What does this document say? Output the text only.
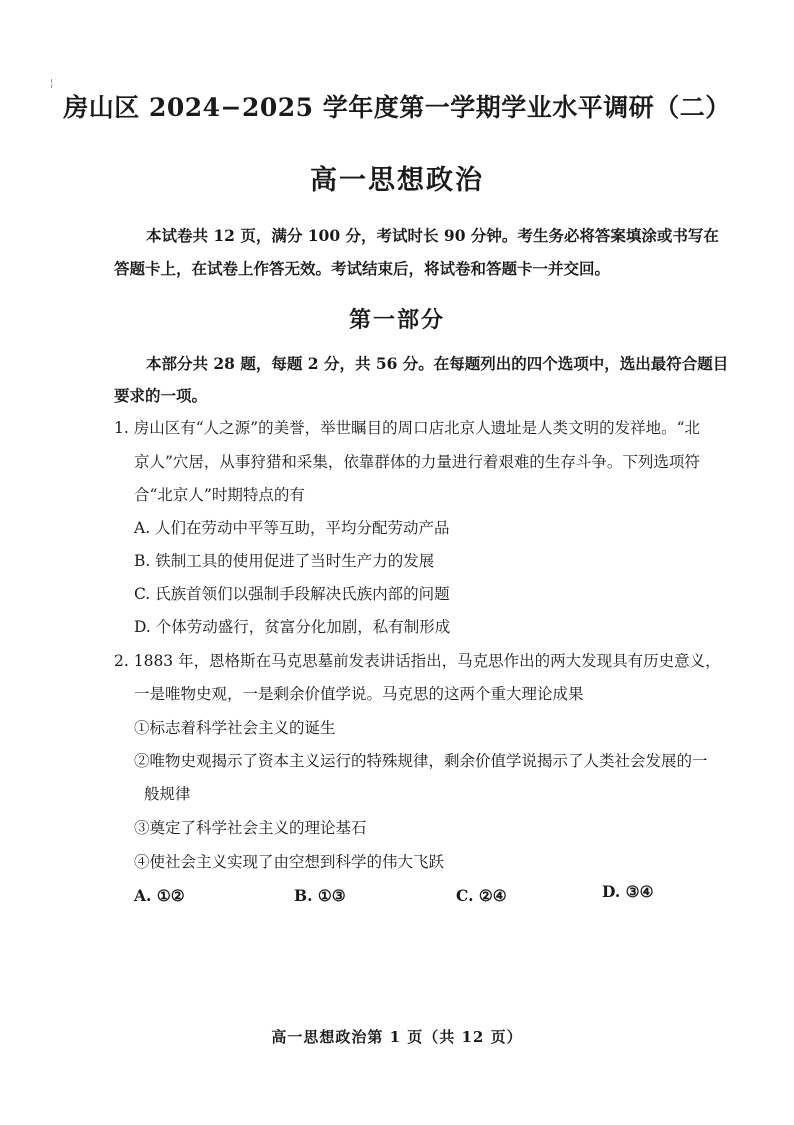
¦
房山区 2024−2025 学年度第一学期学业水平调研（二）
高一思想政治
本试卷共 12 页，满分 100 分，考试时长 90 分钟。考生务必将答案填涂或书写在答题卡上，在试卷上作答无效。考试结束后，将试卷和答题卡一并交回。
第一部分
本部分共 28 题，每题 2 分，共 56 分。在每题列出的四个选项中，选出最符合题目要求的一项。
1. 房山区有“人之源”的美誉，举世瞩目的周口店北京人遗址是人类文明的发祥地。“北
京人”穴居，从事狩猎和采集，依靠群体的力量进行着艰难的生存斗争。下列选项符
合“北京人”时期特点的有
A. 人们在劳动中平等互助，平均分配劳动产品
B. 铁制工具的使用促进了当时生产力的发展
C. 氏族首领们以强制手段解决氏族内部的问题
D. 个体劳动盛行，贫富分化加剧，私有制形成
2. 1883 年，恩格斯在马克思墓前发表讲话指出，马克思作出的两大发现具有历史意义，
一是唯物史观，一是剩余价值学说。马克思的这两个重大理论成果
①标志着科学社会主义的诞生
②唯物史观揭示了资本主义运行的特殊规律，剩余价值学说揭示了人类社会发展的一
般规律
③奠定了科学社会主义的理论基石
④使社会主义实现了由空想到科学的伟大飞跃
A. ①②	B. ①③	C. ②④	D. ③④
高一思想政治第 1 页（共 12 页）
